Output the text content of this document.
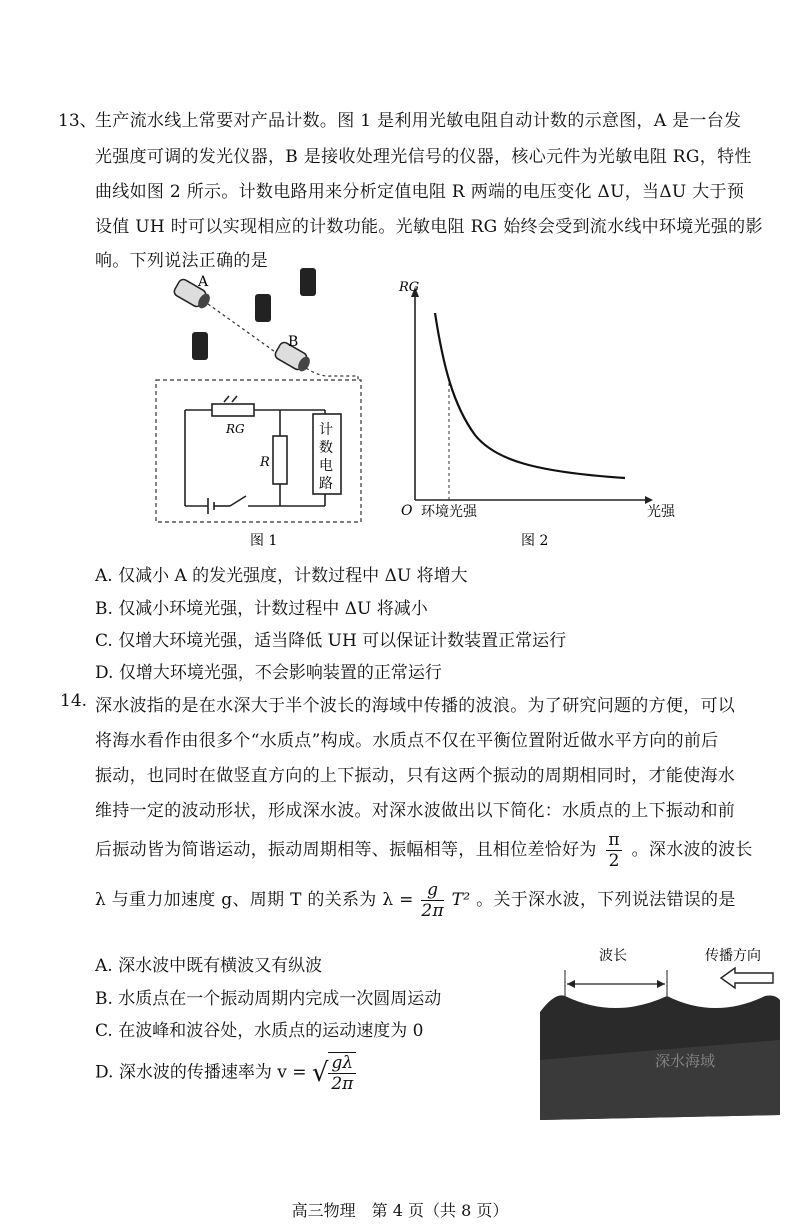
13、
生产流水线上常要对产品计数。图 1 是利用光敏电阻自动计数的示意图，A 是一台发
光强度可调的发光仪器，B 是接收处理光信号的仪器，核心元件为光敏电阻 RG，特性
曲线如图 2 所示。计数电路用来分析定值电阻 R 两端的电压变化 ΔU，当ΔU 大于预
设值 UH 时可以实现相应的计数功能。光敏电阻 RG 始终会受到流水线中环境光强的影
响。下列说法正确的是
A
B
RG
R
计
数
电
路
图 1
RG
O 环境光强	光强
图 2
A. 仅减小 A 的发光强度，计数过程中 ΔU 将增大
B. 仅减小环境光强，计数过程中 ΔU 将减小
C. 仅增大环境光强，适当降低 UH 可以保证计数装置正常运行
D. 仅增大环境光强，不会影响装置的正常运行
14. 深水波指的是在水深大于半个波长的海域中传播的波浪。为了研究问题的方便，可以
将海水看作由很多个“水质点”构成。水质点不仅在平衡位置附近做水平方向的前后
振动，也同时在做竖直方向的上下振动，只有这两个振动的周期相同时，才能使海水
维持一定的波动形状，形成深水波。对深水波做出以下简化：水质点的上下振动和前
后振动皆为简谐运动，振动周期相等、振幅相等，且相位差恰好为 $\frac{\pi}{2}$ 。深水波的波长
λ 与重力加速度 g、周期 T 的关系为 $\lambda = \frac{g}{2\pi} T^2$ 。关于深水波，下列说法错误的是
A. 深水波中既有横波又有纵波
B. 水质点在一个振动周期内完成一次圆周运动
C. 在波峰和波谷处，水质点的运动速度为 0
D. 深水波的传播速率为 v = √ $\frac{g\lambda}{2\pi}$
波长	传播方向
深水海域
高三物理　第 4 页（共 8 页）
